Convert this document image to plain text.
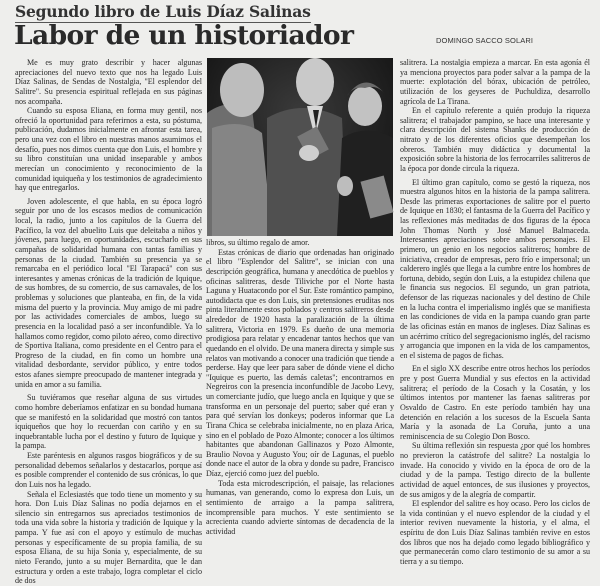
Segundo libro de Luis Díaz Salinas
Labor de un historiador	DOMINGO SACCO SOLARI

Me es muy grato describir y hacer algunas apreciaciones del nuevo texto que nos ha legado Luis Díaz Salinas, de Sendas de Nostalgia, "El esplendor del Salitre". Su presencia espiritual reflejada en sus páginas nos acompaña.

Cuando su esposa Eliana, en forma muy gentil, nos ofreció la oportunidad para referirnos a esta, su póstuma, publicación, dudamos inicialmente en afrontar esta tarea, pero una vez con el libro en nuestras manos asumimos el desafío, pues nos dimos cuenta que don Luis, el hombre y su libro constituían una unidad inseparable y ambos merecían un conocimiento y reconocimiento de la comunidad iquiqueña y los testimonios de agradecimiento hay que entregarlos.

Joven adolescente, el que habla, en su época logró seguir por uno de los escasos medios de comunicación local, la radio, junto a los capítulos de la Guerra del Pacífico, la voz del abuelito Luis que deleitaba a niños y jóvenes, para luego, en oportunidades, escucharlo en sus campañas de solidaridad humana con tantas familias y personas de la ciudad. También su presencia ya se remarcaba en el periódico local "El Tarapacá" con sus interesantes y amenas crónicas de la tradición de Iquique, de sus hombres, de su comercio, de sus carnavales, de los problemas y soluciones que planteaba, en fin, de la vida misma del puerto y la provincia. Muy amigo de mi padre por las actividades comerciales de ambos, luego su presencia en la localidad pasó a ser inconfundible. Ya lo hallamos como regidor, como piloto aéreo, como directivo de Sportiva Italiana, como presidente en el Centro para el Progreso de la ciudad, en fin como un hombre una vitalidad desbordante, servidor público, y entre todos estos afanes siempre preocupado de mantener integrada y unida en amor a su familia.

Su tuviéramos que reseñar alguna de sus virtudes como hombre deberíamos enfatizar en su bondad humana que se manifestó en la solidaridad que mostró con tantos iquiqueños que hoy lo recuerdan con cariño y en su inquebrantable lucha por el destino y futuro de Iquique y la pampa.

Este paréntesis en algunos rasgos biográficos y de su personalidad debemos señalarlos y destacarlos, porque así es posible comprender el contenido de sus crónicas, lo que don Luis nos ha legado.

Señala el Eclesiastés que todo tiene un momento y su hora. Don Luis Díaz Salinas no podía dejarnos en el silencio sin entregarnos sus apreciados testimonios de toda una vida sobre la historia y tradición de Iquique y la pampa. Y fue así con el apoyo y estímulo de muchas personas y específicamente de su propia familia, de su esposa Eliana, de su hija Sonia y, especialmente, de su nieto Ferando, junto a su mujer Bernardita, que le dan estructura y orden a este trabajo, logra completar el ciclo de dos

libros, su último regalo de amor.

Estas crónicas de diario que ordenadas han originado el libro "Esplendor del Salitre", se inician con una descripción geográfica, humana y anecdótica de pueblos y oficinas salitreras, desde Tiliviche por el Norte hasta Laguna y Huatacondo por el Sur. Este romántico pampino, autodidacta que es don Luis, sin pretensiones eruditas nos pinta literalmente estos poblados y centros salitreros desde alrededor de 1920 hasta la paralización de la última salitrera, Victoria en 1979. Es dueño de una memoria prodigiosa para relatar y encadenar tantos hechos que van quedando en el olvido. De una manera directa y simple sus relatos van motivando a conocer una tradición que tiende a perderse. Hay que leer para saber de dónde viene el dicho "Iquique es puerto, las demás caletas"; encontrarnos en Negreiros con la presencia inconfundible de Jacobo Levy, un comerciante judío, que luego ancla en Iquique y que se transforma en un personaje del puerto; saber qué eran y para qué servían los donkeys; poderos informar que La Tirana Chica se celebraba inicialmente, no en plaza Arica, sino en el poblado de Pozo Almonte; conocer a los últimos habitantes que abandonan Gallinazos y Pozo Almonte, Braulio Novoa y Augusto You; oír de Lagunas, el pueblo donde nace el autor de la obra y donde su padre, Francisco Díaz, ejerció como juez del pueblo.

Toda esta microdescripción, el paisaje, las relaciones humanas, van generando, como lo expresa don Luis, un sentimiento de arraigo a la pampa salitrera, incomprensible para muchos. Y este sentimiento se acrecienta cuando advierte síntomas de decadencia de la actividad

salitrera. La nostalgia empieza a marcar. En esta agonía él ya menciona proyectos para poder salvar a la pampa de la muerte: explotación del bórax, ubicación de petróleo, utilización de los geyseres de Puchuldiza, desarrollo agrícola de La Tirana.

En el capítulo referente a quién produjo la riqueza salitrera; el trabajador pampino, se hace una interesante y clara descripción del sistema Shanks de producción de nitrato y de los diferentes oficios que desempeñan los obreros. También muy didáctica y documental la exposición sobre la historia de los ferrocarriles salitreros de la época por donde circula la riqueza.

El último gran capítulo, como se gestó la riqueza, nos muestra algunos hitos en la historia de la pampa salitrera. Desde las primeras exportaciones de salitre por el puerto de Iquique en 1830; el fantasma de la Guerra del Pacífico y las reflexiones más meditadas de dos figuras de la época John Thomas North y José Manuel Balmaceda. Interesantes apreciaciones sobre ambos personajes. El primero, un genio en los negocios salitreros; hombre de iniciativa, creador de empresas, pero frío e impersonal; un calderero inglés que llega a la cumbre entre los hombres de fortuna, debido, según don Luis, a la estupidez chilena que le financia sus negocios. El segundo, un gran patriota, defensor de las riquezas nacionales y del destino de Chile en la lucha contra el imperialismo inglés que se manifiesta en las condiciones de vida en la pampa cuando gran parte de las oficinas están en manos de ingleses. Díaz Salinas es un acérrimo crítico del segregacionismo inglés, del racismo y arrogancia que imponen en la vida de los campamentos, en el sistema de pagos de fichas.

En el siglo XX describe entre otros hechos los períodos pre y post Guerra Mundial y sus efectos en la actividad salitrera; el período de la Cosach y la Cosatán, y los últimos intentos por mantener las faenas salitreras por Osvaldo de Castro. En este período también hay una detención en relación a los sucesos de la Escuela Santa María y la asonada de La Coruña, junto a una reminiscencia de su Colegio Don Bosco.

Su última reflexión sin respuesta ¿por qué los hombres no previeron la catástrofe del salitre? La nostalgia lo invade. Ha conocido y vivido en la época de oro de la ciudad y de la pampa. Testigo directo de la bullente actividad de aquel entonces, de sus ilusiones y proyectos, de sus amigos y de la alegría de compartir.

El esplendor del salitre es hoy ocaso. Pero los ciclos de la vida continúan y el nuevo esplendor de la ciudad y el interior reviven nuevamente la historia, y el alma, el espíritu de don Luis Díaz Salinas también revive en estos dos libros que nos ha dejado como legado bibliográfico y que permanecerán como claro testimonio de su amor a su tierra y a su tiempo.
